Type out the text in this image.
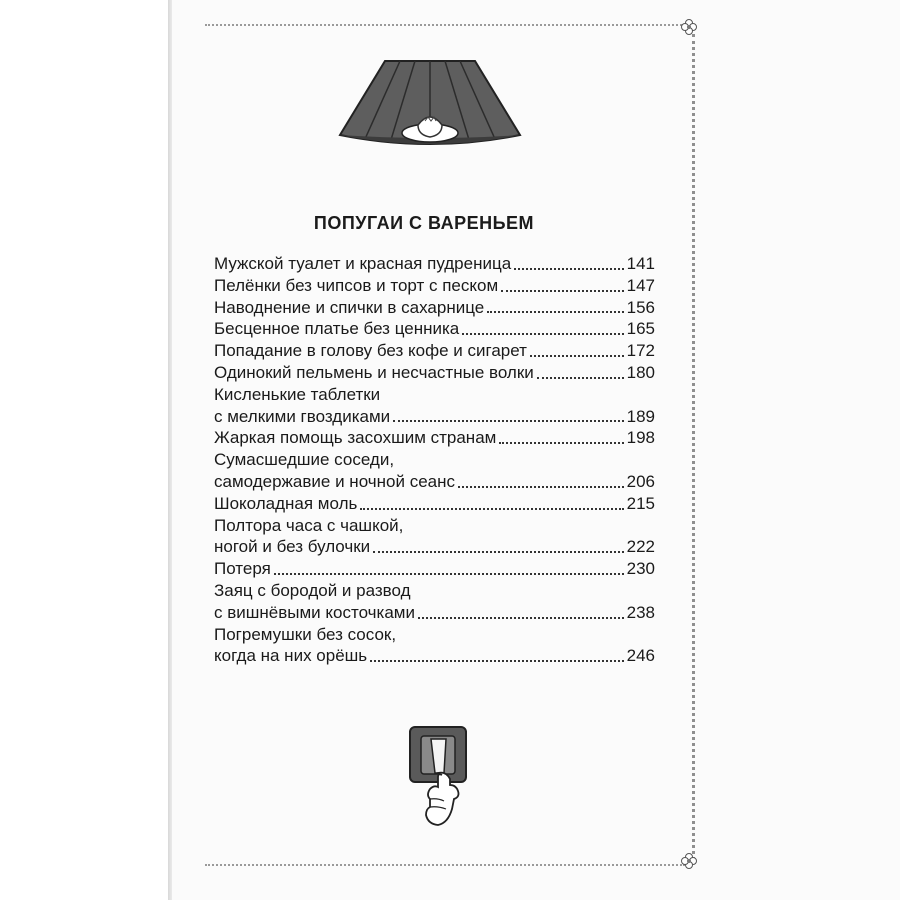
ПОПУГАИ С ВАРЕНЬЕМ
Мужской туалет и красная пудреница	141
Пелёнки без чипсов и торт с песком	147
Наводнение и спички в сахарнице	156
Бесценное платье без ценника	165
Попадание в голову без кофе и сигарет	172
Одинокий пельмень и несчастные волки	180
Кисленькие таблетки
с мелкими гвоздиками	189
Жаркая помощь засохшим странам	198
Сумасшедшие соседи,
самодержавие и ночной сеанс	206
Шоколадная моль	215
Полтора часа с чашкой,
ногой и без булочки	222
Потеря	230
Заяц с бородой и развод
с вишнёвыми косточками	238
Погремушки без сосок,
когда на них орёшь	246
